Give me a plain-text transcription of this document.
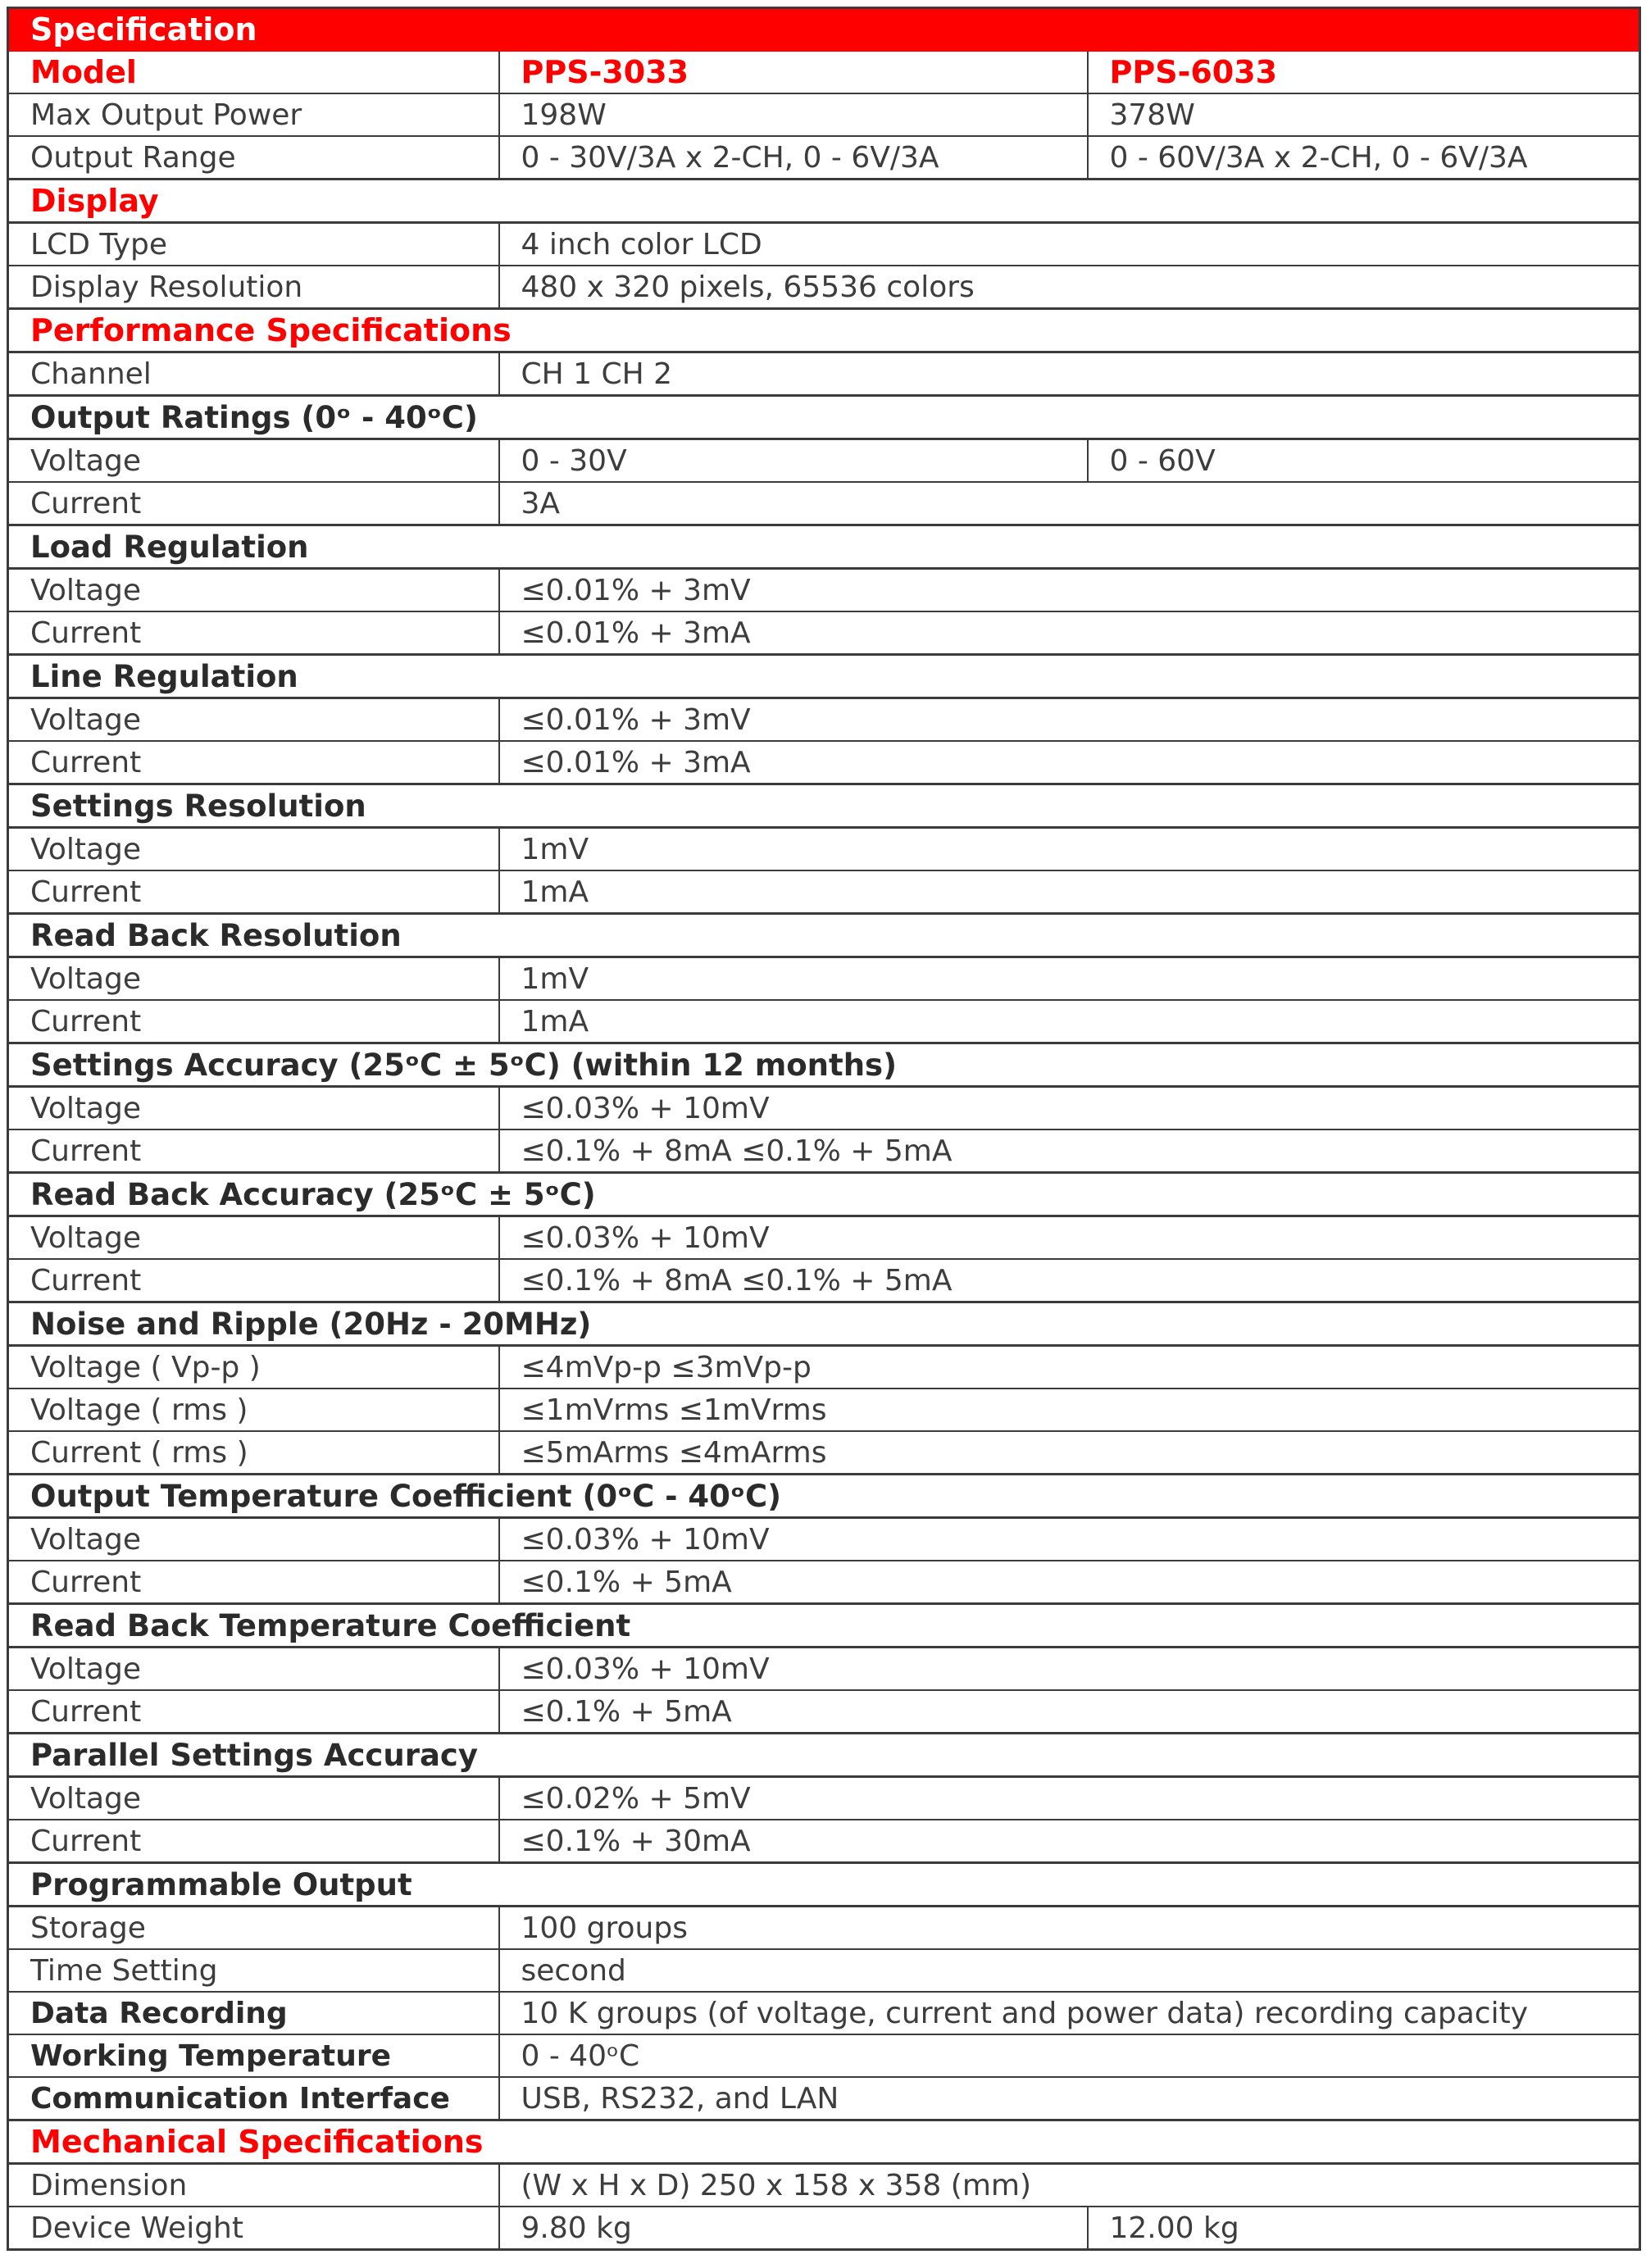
Specification		
Model	PPS-3033	PPS-6033
Max Output Power	198W	378W
Output Range	0 - 30V/3A x 2-CH, 0 - 6V/3A	0 - 60V/3A x 2-CH, 0 - 6V/3A
Display		
LCD Type	4 inch color LCD	
Display Resolution	480 x 320 pixels, 65536 colors	
Performance Specifications		
Channel	CH 1 CH 2	
Output Ratings (0ᵒ - 40ᵒC)		
Voltage	0 - 30V	0 - 60V
Current	3A	
Load Regulation		
Voltage	≤0.01% + 3mV	
Current	≤0.01% + 3mA	
Line Regulation		
Voltage	≤0.01% + 3mV	
Current	≤0.01% + 3mA	
Settings Resolution		
Voltage	1mV	
Current	1mA	
Read Back Resolution		
Voltage	1mV	
Current	1mA	
Settings Accuracy (25ᵒC ± 5ᵒC) (within 12 months)		
Voltage	≤0.03% + 10mV	
Current	≤0.1% + 8mA ≤0.1% + 5mA	
Read Back Accuracy (25ᵒC ± 5ᵒC)		
Voltage	≤0.03% + 10mV	
Current	≤0.1% + 8mA ≤0.1% + 5mA	
Noise and Ripple (20Hz - 20MHz)		
Voltage ( Vp-p )	≤4mVp-p ≤3mVp-p	
Voltage ( rms )	≤1mVrms ≤1mVrms	
Current ( rms )	≤5mArms ≤4mArms	
Output Temperature Coefficient (0ᵒC - 40ᵒC)		
Voltage	≤0.03% + 10mV	
Current	≤0.1% + 5mA	
Read Back Temperature Coefficient		
Voltage	≤0.03% + 10mV	
Current	≤0.1% + 5mA	
Parallel Settings Accuracy		
Voltage	≤0.02% + 5mV	
Current	≤0.1% + 30mA	
Programmable Output		
Storage	100 groups	
Time Setting	second	
Data Recording	10 K groups (of voltage, current and power data) recording capacity	
Working Temperature	0 - 40ᵒC	
Communication Interface	USB, RS232, and LAN	
Mechanical Specifications		
Dimension	(W x H x D) 250 x 158 x 358 (mm)	
Device Weight	9.80 kg	12.00 kg
